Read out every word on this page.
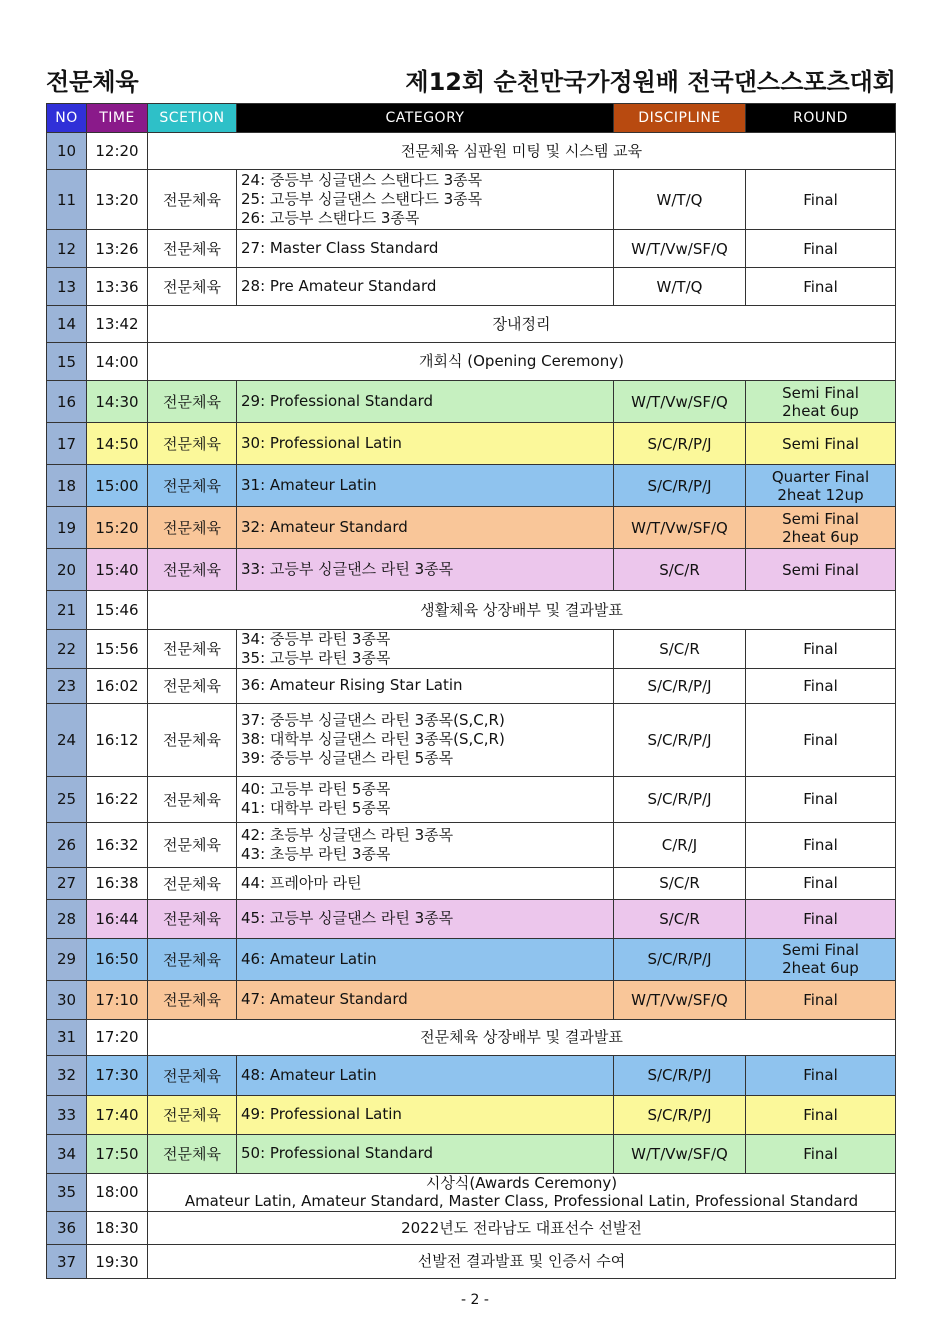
전문체육	제12회 순천만국가정원배 전국댄스스포츠대회
NO	TIME	SCETION	CATEGORY	DISCIPLINE	ROUND
10	12:20	전문체육 심판원 미팅 및 시스템 교육			

11	13:20	전문체육	24: 중등부 싱글댄스 스탠다드 3종목
25: 고등부 싱글댄스 스탠다드 3종목
26: 고등부 스탠다드 3종목	W/T/Q	Final

12	13:26	전문체육	27: Master Class Standard	W/T/Vw/SF/Q	Final

13	13:36	전문체육	28: Pre Amateur Standard	W/T/Q	Final

14	13:42	장내정리			

15	14:00	개회식 (Opening Ceremony)			

16	14:30	전문체육	29: Professional Standard	W/T/Vw/SF/Q	Semi Final
2heat 6up

17	14:50	전문체육	30: Professional Latin	S/C/R/P/J	Semi Final

18	15:00	전문체육	31: Amateur Latin	S/C/R/P/J	Quarter Final
2heat 12up

19	15:20	전문체육	32: Amateur Standard	W/T/Vw/SF/Q	Semi Final
2heat 6up

20	15:40	전문체육	33: 고등부 싱글댄스 라틴 3종목	S/C/R	Semi Final

21	15:46	생활체육 상장배부 및 결과발표			

22	15:56	전문체육	34: 중등부 라틴 3종목
35: 고등부 라틴 3종목	S/C/R	Final

23	16:02	전문체육	36: Amateur Rising Star Latin	S/C/R/P/J	Final

24	16:12	전문체육	37: 중등부 싱글댄스 라틴 3종목(S,C,R)
38: 대학부 싱글댄스 라틴 3종목(S,C,R)
39: 중등부 싱글댄스 라틴 5종목	S/C/R/P/J	Final

25	16:22	전문체육	40: 고등부 라틴 5종목
41: 대학부 라틴 5종목	S/C/R/P/J	Final

26	16:32	전문체육	42: 초등부 싱글댄스 라틴 3종목
43: 초등부 라틴 3종목	C/R/J	Final

27	16:38	전문체육	44: 프레아마 라틴	S/C/R	Final

28	16:44	전문체육	45: 고등부 싱글댄스 라틴 3종목	S/C/R	Final

29	16:50	전문체육	46: Amateur Latin	S/C/R/P/J	Semi Final
2heat 6up

30	17:10	전문체육	47: Amateur Standard	W/T/Vw/SF/Q	Final

31	17:20	전문체육 상장배부 및 결과발표			

32	17:30	전문체육	48: Amateur Latin	S/C/R/P/J	Final

33	17:40	전문체육	49: Professional Latin	S/C/R/P/J	Final

34	17:50	전문체육	50: Professional Standard	W/T/Vw/SF/Q	Final

35	18:00	시상식(Awards Ceremony)
Amateur Latin, Amateur Standard, Master Class, Professional Latin, Professional Standard			

36	18:30	2022년도 전라남도 대표선수 선발전			

37	19:30	선발전 결과발표 및 인증서 수여			
- 2 -
